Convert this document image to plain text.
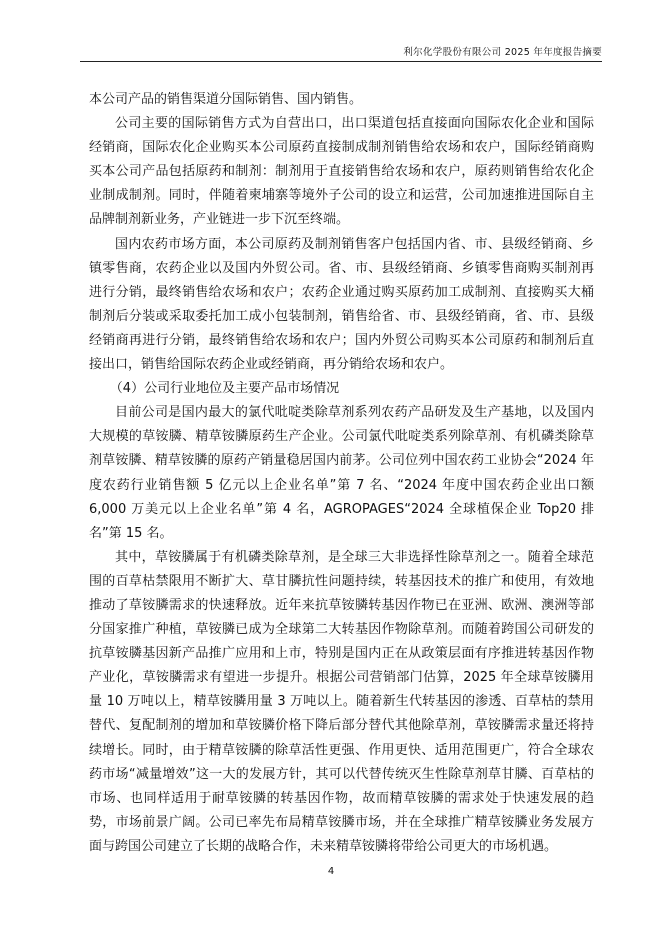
利尔化学股份有限公司 2025 年年度报告摘要

本公司产品的销售渠道分国际销售、国内销售。

公司主要的国际销售方式为自营出口，出口渠道包括直接面向国际农化企业和国际经销商，国际农化企业购买本公司原药直接制成制剂销售给农场和农户，国际经销商购买本公司产品包括原药和制剂：制剂用于直接销售给农场和农户，原药则销售给农化企业制成制剂。同时，伴随着柬埔寨等境外子公司的设立和运营，公司加速推进国际自主品牌制剂新业务，产业链进一步下沉至终端。

国内农药市场方面，本公司原药及制剂销售客户包括国内省、市、县级经销商、乡镇零售商，农药企业以及国内外贸公司。省、市、县级经销商、乡镇零售商购买制剂再进行分销，最终销售给农场和农户；农药企业通过购买原药加工成制剂、直接购买大桶制剂后分装或采取委托加工成小包装制剂，销售给省、市、县级经销商，省、市、县级经销商再进行分销，最终销售给农场和农户；国内外贸公司购买本公司原药和制剂后直接出口，销售给国际农药企业或经销商，再分销给农场和农户。

（4）公司行业地位及主要产品市场情况

目前公司是国内最大的氯代吡啶类除草剂系列农药产品研发及生产基地，以及国内大规模的草铵膦、精草铵膦原药生产企业。公司氯代吡啶类系列除草剂、有机磷类除草剂草铵膦、精草铵膦的原药产销量稳居国内前茅。公司位列中国农药工业协会“2024 年度农药行业销售额 5 亿元以上企业名单”第 7 名、“2024 年度中国农药企业出口额 6,000 万美元以上企业名单”第 4 名，AGROPAGES“2024 全球植保企业 Top20 排名”第 15 名。

其中，草铵膦属于有机磷类除草剂，是全球三大非选择性除草剂之一。随着全球范围的百草枯禁限用不断扩大、草甘膦抗性问题持续，转基因技术的推广和使用，有效地推动了草铵膦需求的快速释放。近年来抗草铵膦转基因作物已在亚洲、欧洲、澳洲等部分国家推广种植，草铵膦已成为全球第二大转基因作物除草剂。而随着跨国公司研发的抗草铵膦基因新产品推广应用和上市，特别是国内正在从政策层面有序推进转基因作物产业化，草铵膦需求有望进一步提升。根据公司营销部门估算，2025 年全球草铵膦用量 10 万吨以上，精草铵膦用量 3 万吨以上。随着新生代转基因的渗透、百草枯的禁用替代、复配制剂的增加和草铵膦价格下降后部分替代其他除草剂，草铵膦需求量还将持续增长。同时，由于精草铵膦的除草活性更强、作用更快、适用范围更广，符合全球农药市场“减量增效”这一大的发展方针，其可以代替传统灭生性除草剂草甘膦、百草枯的市场、也同样适用于耐草铵膦的转基因作物，故而精草铵膦的需求处于快速发展的趋势，市场前景广阔。公司已率先布局精草铵膦市场，并在全球推广精草铵膦业务发展方面与跨国公司建立了长期的战略合作，未来精草铵膦将带给公司更大的市场机遇。

4
